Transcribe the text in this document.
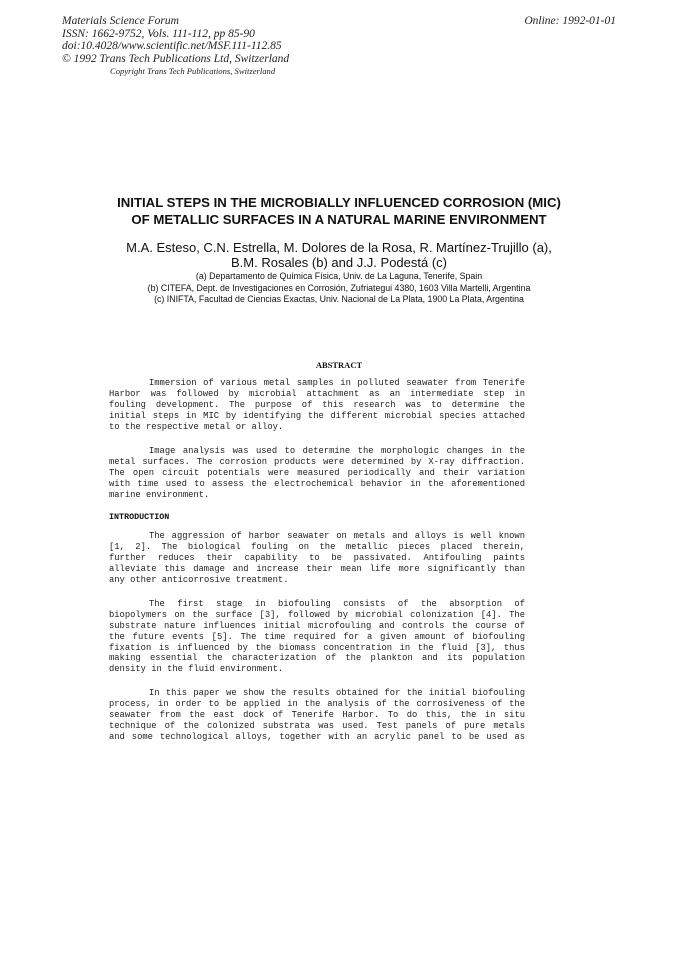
Materials Science Forum
ISSN: 1662-9752, Vols. 111-112, pp 85-90
doi:10.4028/www.scientific.net/MSF.111-112.85
© 1992 Trans Tech Publications Ltd, Switzerland
Copyright Trans Tech Publications, Switzerland
Online: 1992-01-01
INITIAL STEPS IN THE MICROBIALLY INFLUENCED CORROSION (MIC)
OF METALLIC SURFACES IN A NATURAL MARINE ENVIRONMENT
M.A. Esteso, C.N. Estrella, M. Dolores de la Rosa, R. Martínez-Trujillo (a),
B.M. Rosales (b) and J.J. Podestá (c)
(a) Departamento de Química Física, Univ. de La Laguna, Tenerife, Spain
(b) CITEFA, Dept. de Investigaciones en Corrosión, Zufriategui 4380, 1603 Villa Martelli, Argentina
(c) INIFTA, Facultad de Ciencias Exactas, Univ. Nacional de La Plata, 1900 La Plata, Argentina
ABSTRACT
Immersion of various metal samples in polluted seawater from Tenerife
Harbor was followed by microbial attachment as an intermediate step in
fouling development. The purpose of this research was to determine the
initial steps in MIC by identifying the different microbial species attached
to the respective metal or alloy.
Image analysis was used to determine the morphologic changes in the
metal surfaces. The corrosion products were determined by X-ray diffraction.
The open circuit potentials were measured periodically and their variation
with time used to assess the electrochemical behavior in the aforementioned
marine environment.
INTRODUCTION
The aggression of harbor seawater on metals and alloys is well known
[1, 2]. The biological fouling on the metallic pieces placed therein,
further reduces their capability to be passivated. Antifouling paints
alleviate this damage and increase their mean life more significantly than
any other anticorrosive treatment.
The first stage in biofouling consists of the absorption of
biopolymers on the surface [3], followed by microbial colonization [4]. The
substrate nature influences initial microfouling and controls the course of
the future events [5]. The time required for a given amount of biofouling
fixation is influenced by the biomass concentration in the fluid [3], thus
making essential the characterization of the plankton and its population
density in the fluid environment.
In this paper we show the results obtained for the initial biofouling
process, in order to be applied in the analysis of the corrosiveness of the
seawater from the east dock of Tenerife Harbor. To do this, the in situ
technique of the colonized substrata was used. Test panels of pure metals
and some technological alloys, together with an acrylic panel to be used as
